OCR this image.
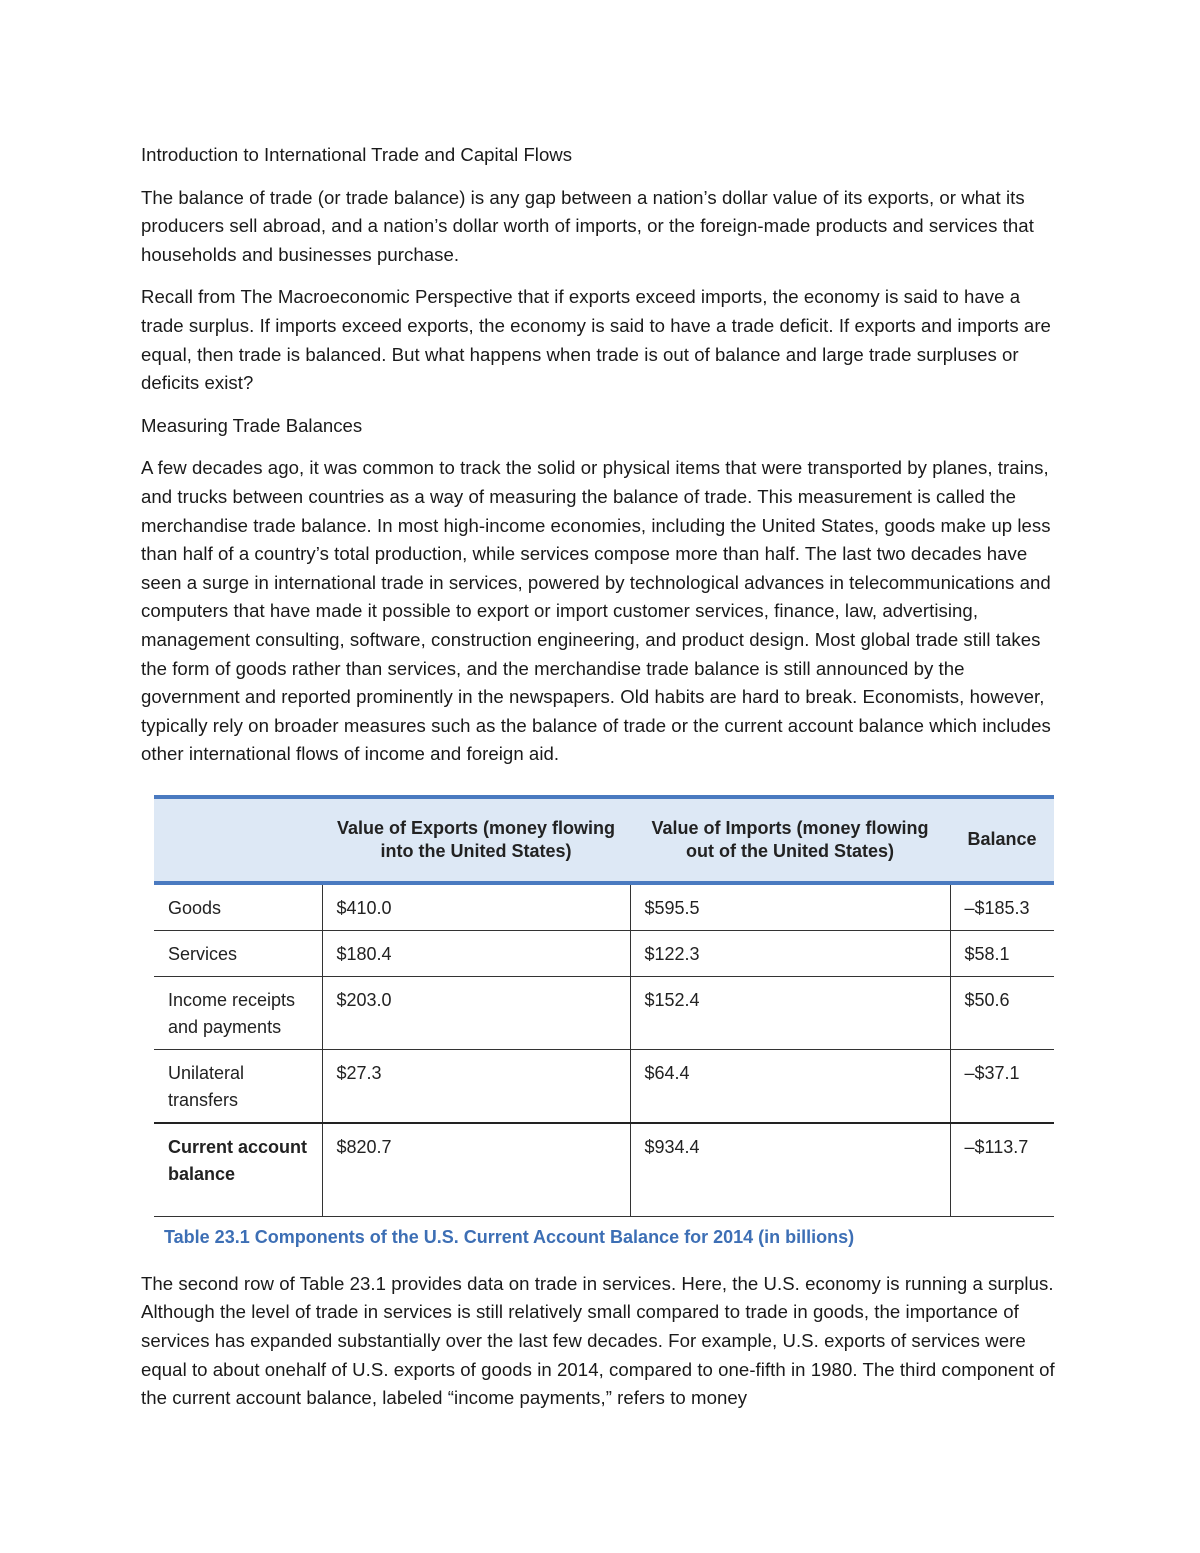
Introduction to International Trade and Capital Flows

The balance of trade (or trade balance) is any gap between a nation’s dollar value of its exports, or what its producers sell abroad, and a nation’s dollar worth of imports, or the foreign-made products and services that households and businesses purchase.

Recall from The Macroeconomic Perspective that if exports exceed imports, the economy is said to have a trade surplus. If imports exceed exports, the economy is said to have a trade deficit. If exports and imports are equal, then trade is balanced. But what happens when trade is out of balance and large trade surpluses or deficits exist?

Measuring Trade Balances

A few decades ago, it was common to track the solid or physical items that were transported by planes, trains, and trucks between countries as a way of measuring the balance of trade. This measurement is called the merchandise trade balance. In most high-income economies, including the United States, goods make up less than half of a country’s total production, while services compose more than half. The last two decades have seen a surge in international trade in services, powered by technological advances in telecommunications and computers that have made it possible to export or import customer services, finance, law, advertising, management consulting, software, construction engineering, and product design. Most global trade still takes the form of goods rather than services, and the merchandise trade balance is still announced by the government and reported prominently in the newspapers. Old habits are hard to break. Economists, however, typically rely on broader measures such as the balance of trade or the current account balance which includes other international flows of income and foreign aid.

	Value of Exports (money flowing into the United States)	Value of Imports (money flowing out of the United States)	Balance
Goods	$410.0	$595.5	–$185.3
Services	$180.4	$122.3	$58.1
Income receipts and payments	$203.0	$152.4	$50.6
Unilateral transfers	$27.3	$64.4	–$37.1
Current account balance	$820.7	$934.4	–$113.7
Table 23.1 Components of the U.S. Current Account Balance for 2014 (in billions)

The second row of Table 23.1 provides data on trade in services. Here, the U.S. economy is running a surplus. Although the level of trade in services is still relatively small compared to trade in goods, the importance of services has expanded substantially over the last few decades. For example, U.S. exports of services were equal to about onehalf of U.S. exports of goods in 2014, compared to one-fifth in 1980. The third component of the current account balance, labeled “income payments,” refers to money
